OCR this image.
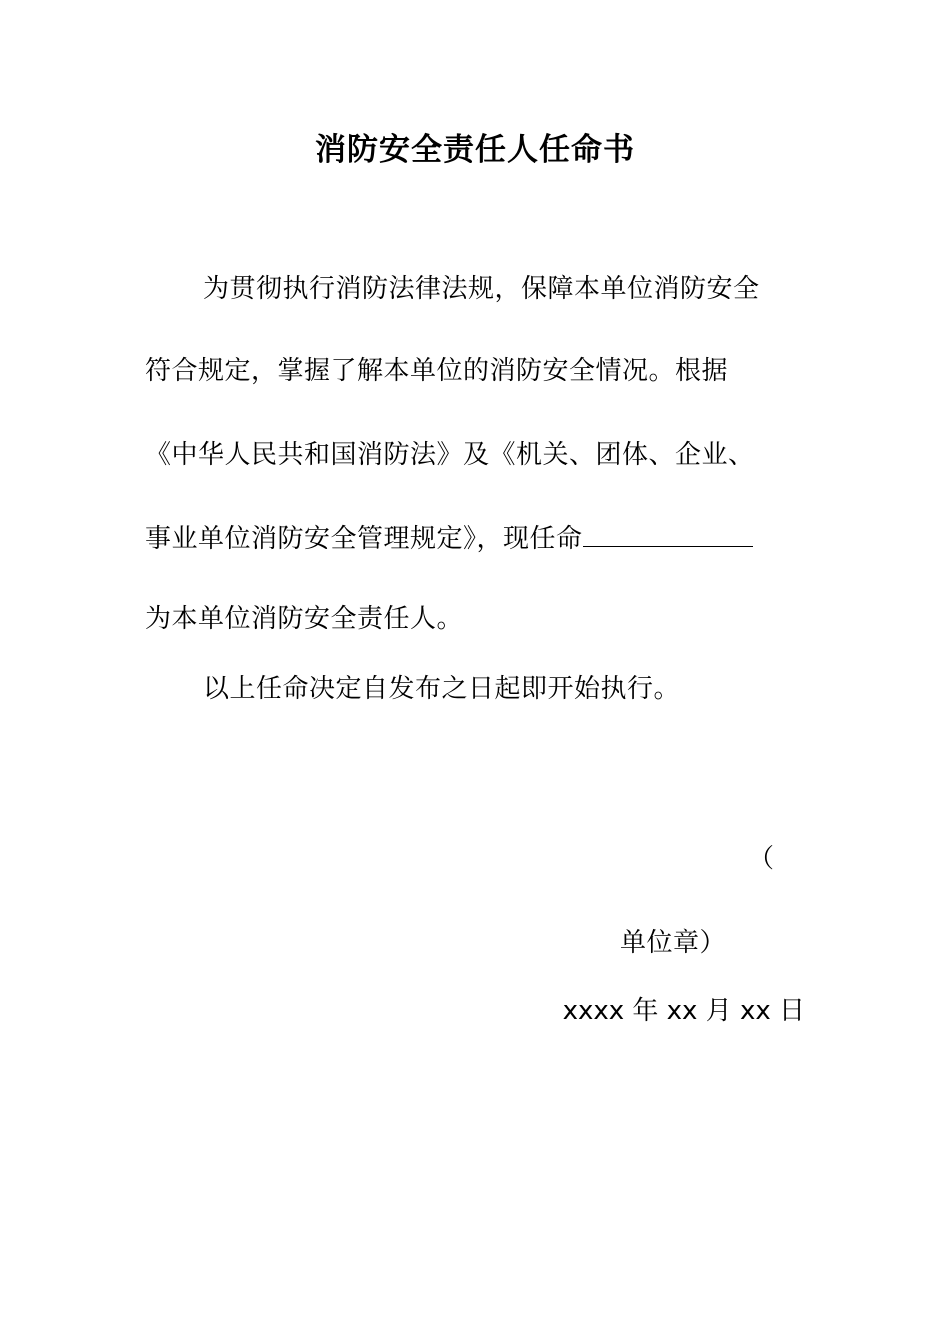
消防安全责任人任命书
为贯彻执行消防法律法规，保障本单位消防安全
符合规定，掌握了解本单位的消防安全情况。根据
《中华人民共和国消防法》及《机关、团体、企业、
事业单位消防安全管理规定》，现任命
为本单位消防安全责任人。
以上任命决定自发布之日起即开始执行。
（
单位章）
xxxx 年 xx 月 xx 日
